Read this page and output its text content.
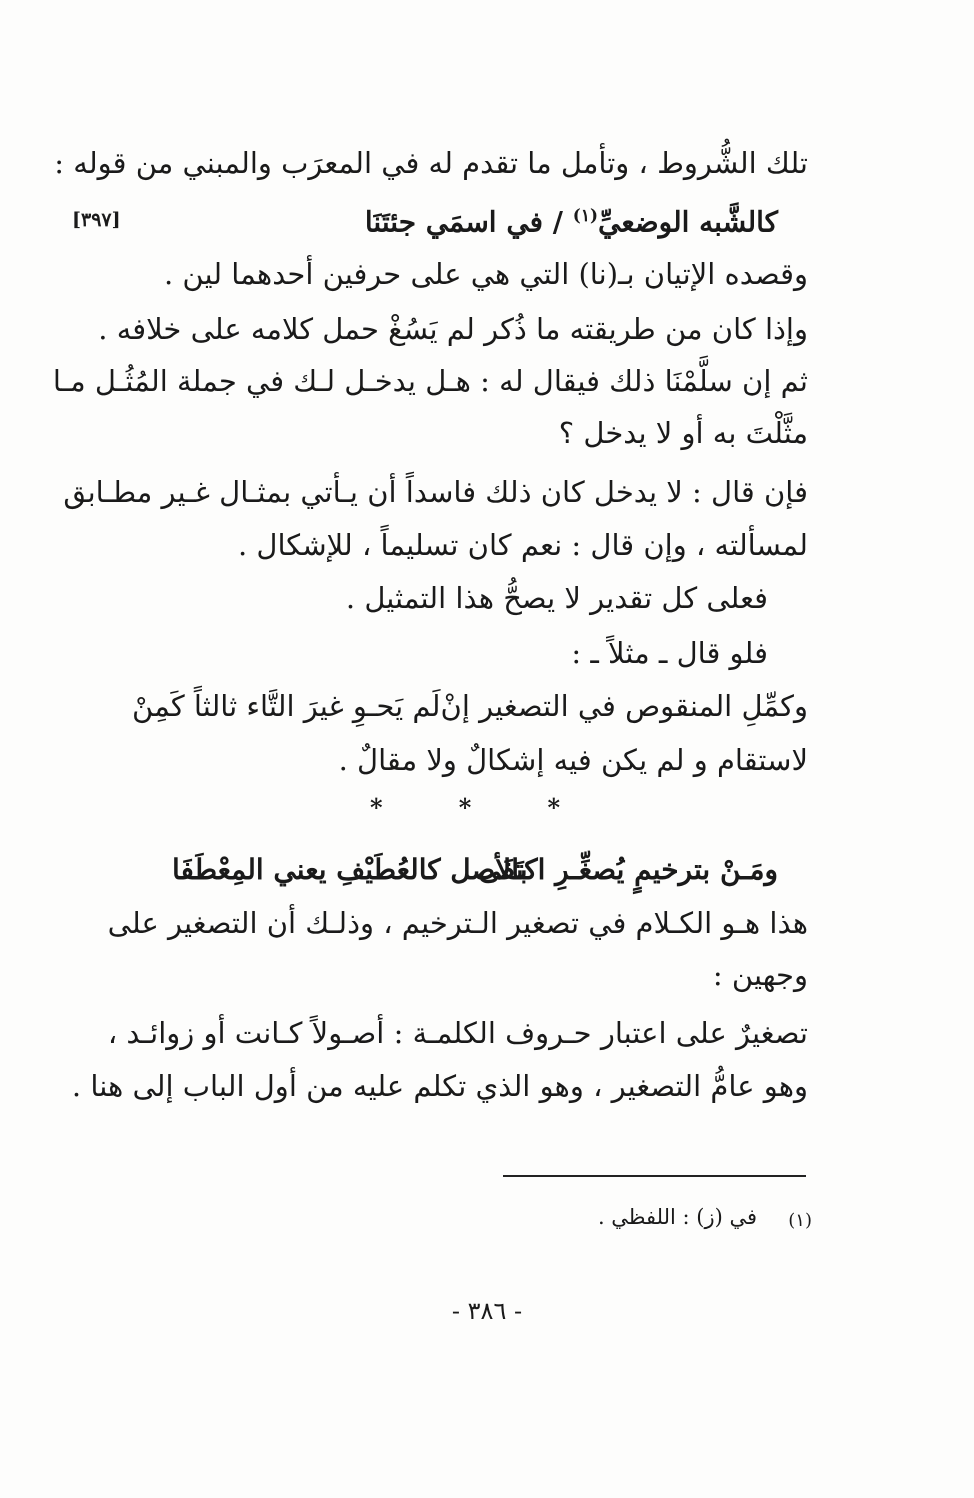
[٣٩٧]
تلك الشُّروط ، وتأمل ما تقدم له في المعرَب والمبني من قوله :
كالشَّبه الوضعيِّ$^{(١)}$ / في اسمَي جئتَنَا
وقصده الإتيان بـ(نا) التي هي على حرفين أحدهما لين .
وإذا كان من طريقته ما ذُكر لم يَسُغْ حمل كلامه على خلافه .
ثم إن سلَّمْنَا ذلك فيقال له : هـل يدخـل لـك في جملة المُثُـل مـا
مثَّلْتَ به أو لا يدخل ؟
فإن قال : لا يدخل كان ذلك فاسداً أن يـأتي بمثـال غـير مطـابق
لمسألته ، وإن قال : نعم كان تسليماً ، للإشكال .
فعلى كل تقدير لا يصحُّ هذا التمثيل .
فلو قال ـ مثلاً ـ :
وكمِّلِ المنقوص في التصغير إنْ
لَم يَحـوِ غيرَ التَّاء ثالثاً كَمِنْ
لاستقام و لم يكن فيه إشكالٌ ولا مقالٌ .
*	*	*
ومَـنْ بترخيمٍ يُصغِّـرِ اكتَفَى
بالأصل كالعُطَيْفِ يعني المِعْطَفَا
هذا هـو الكـلام في تصغير الـترخيم ، وذلـك أن التصغير على
وجهين :
تصغيرٌ على اعتبار حـروف الكلمـة : أصـولاً كـانت أو زوائـد ،
وهو عامُّ التصغير ، وهو الذي تكلم عليه من أول الباب إلى هنا .
(١)
في (ز) : اللفظي .
- ٣٨٦ -
